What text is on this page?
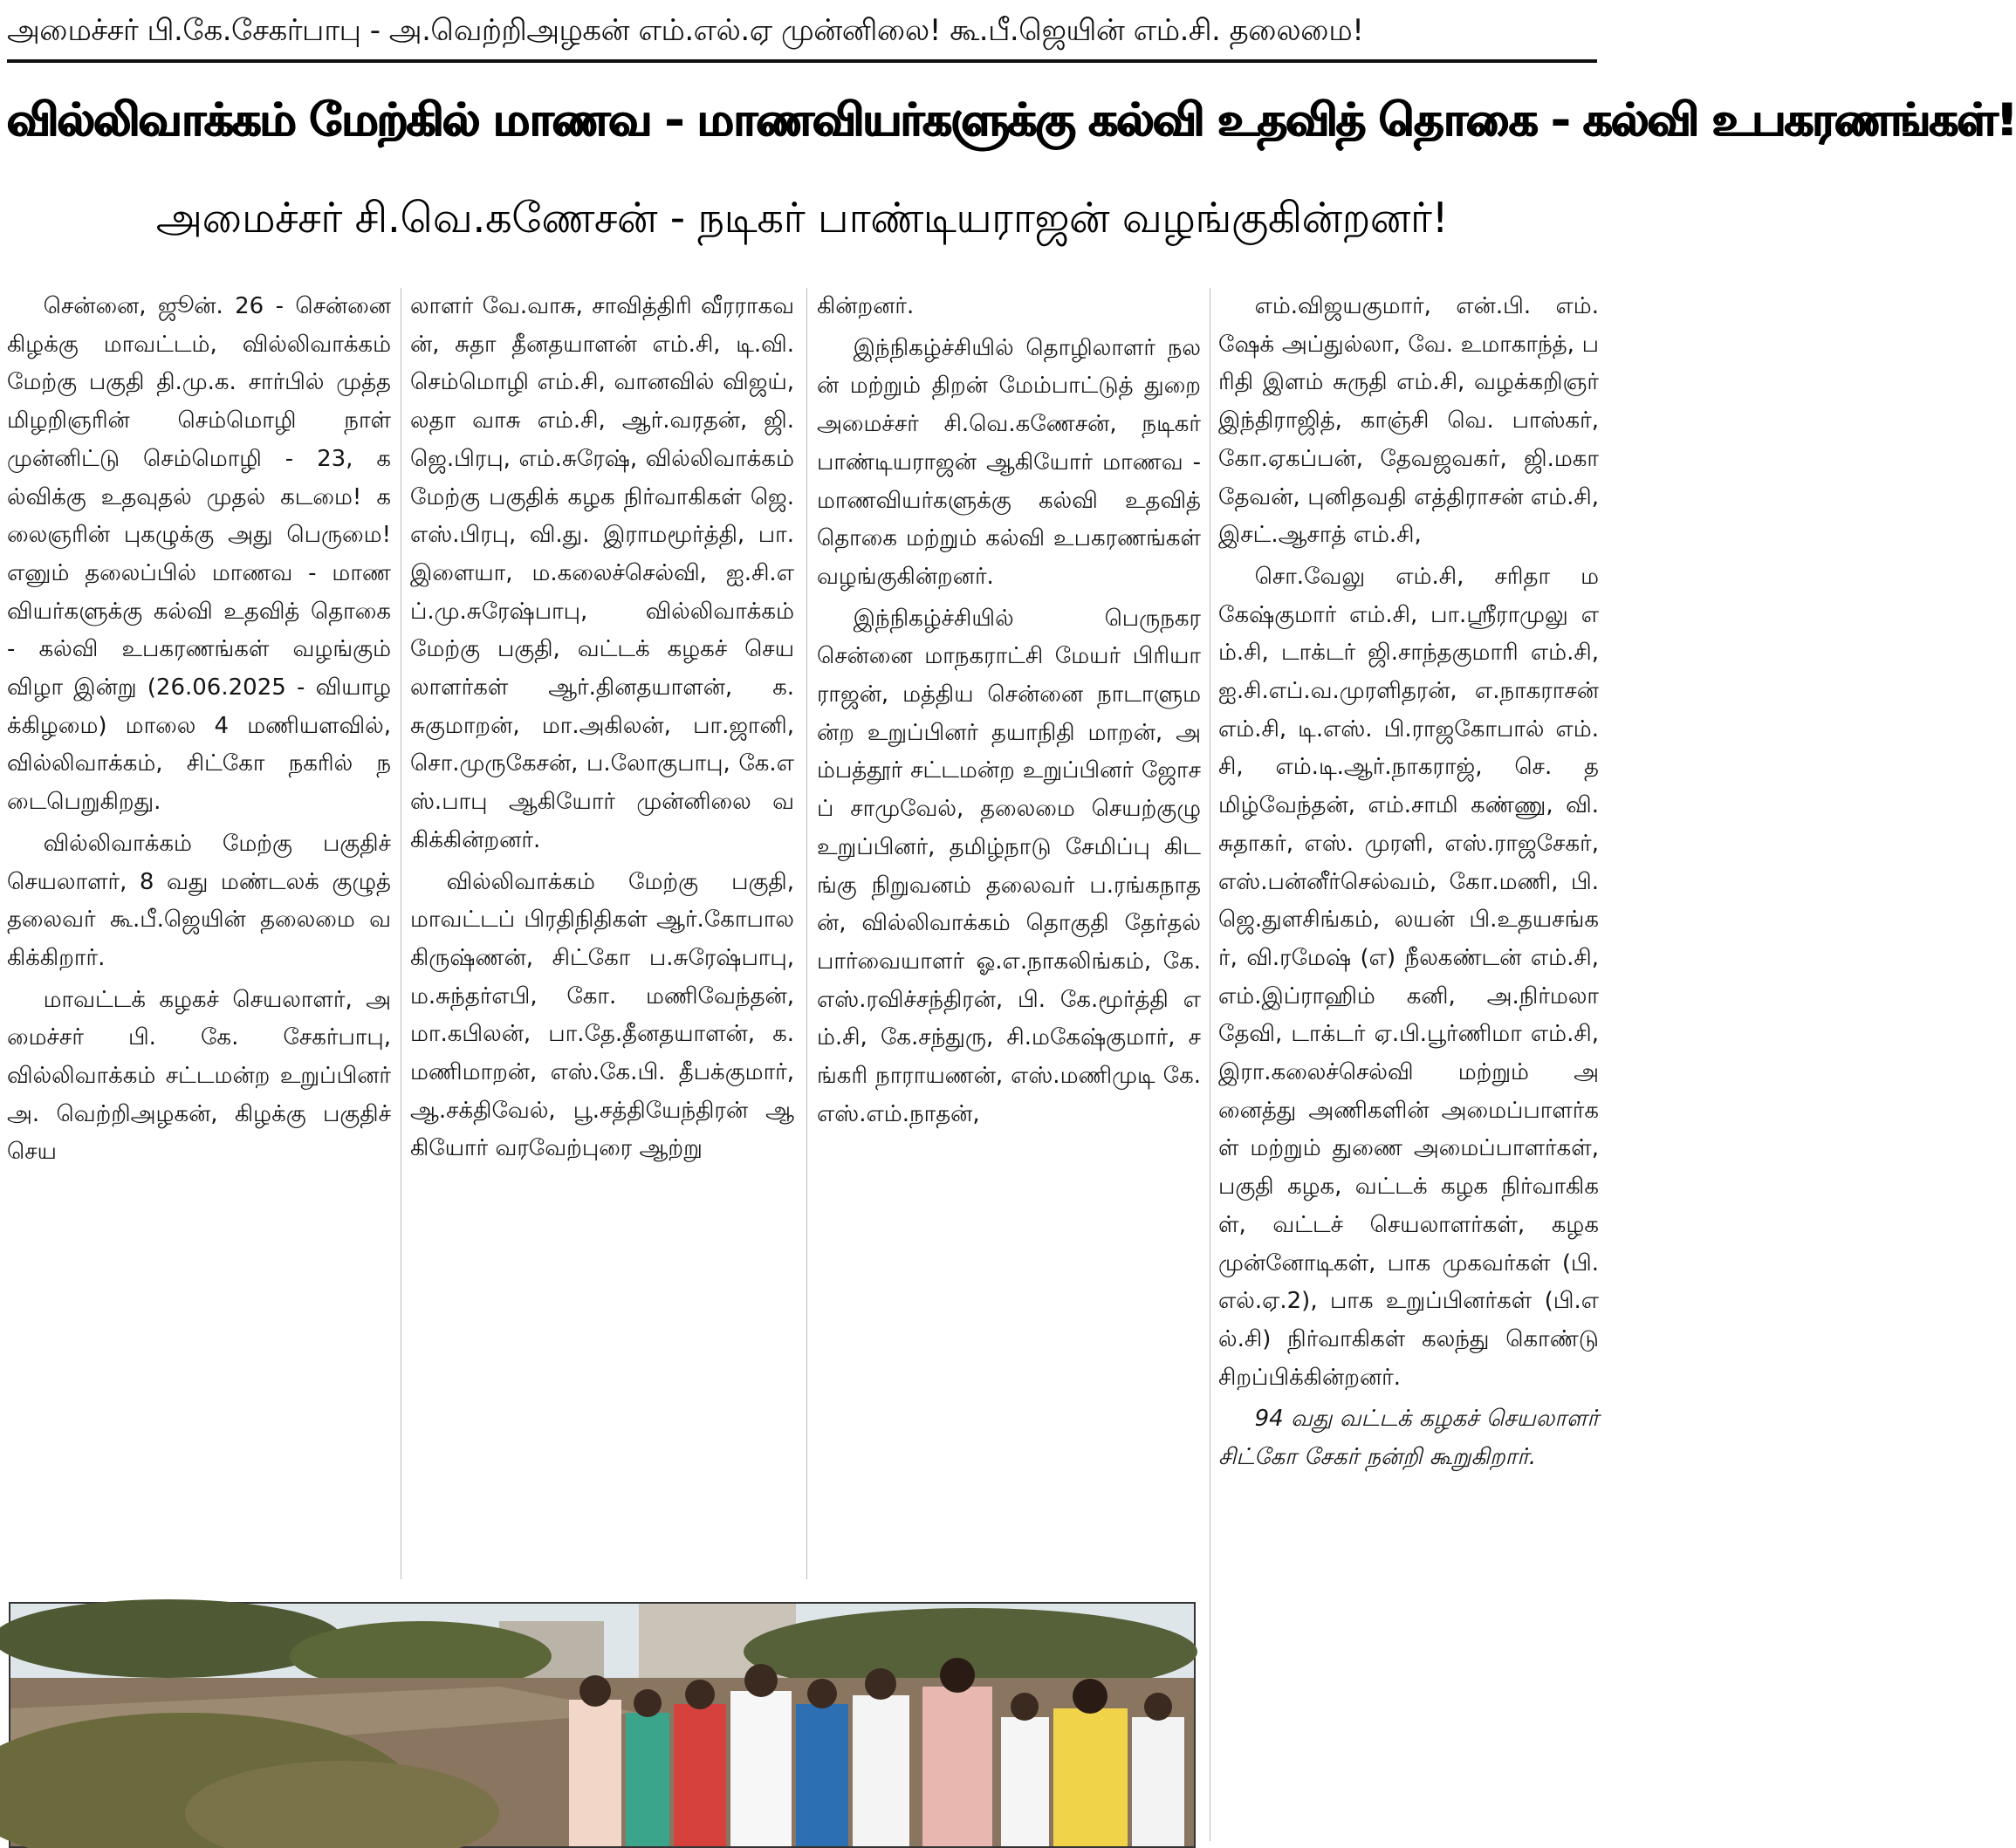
அமைச்சர் பி.கே.சேகர்பாபு - அ.வெற்றிஅழகன் எம்.எல்.ஏ முன்னிலை! கூ.பீ.ஜெயின் எம்.சி. தலைமை!
வில்லிவாக்கம் மேற்கில் மாணவ - மாணவியர்களுக்கு கல்வி உதவித் தொகை - கல்வி உபகரணங்கள்!
அமைச்சர் சி.வெ.கணேசன் - நடிகர் பாண்டியராஜன் வழங்குகின்றனர்!

சென்னை, ஜூன். 26 - சென்னை கிழக்கு மாவட்டம், வில்லிவாக்கம் மேற்கு பகுதி தி.மு.க. சார்பில் முத்தமிழறிஞரின் செம்மொழி நாள் முன்னிட்டு செம்மொழி - 23, கல்விக்கு உதவுதல் முதல் கடமை! கலைஞரின் புகழுக்கு அது பெருமை! எனும் தலைப்பில் மாணவ - மாணவியர்களுக்கு கல்வி உதவித் தொகை - கல்வி உபகரணங்கள் வழங்கும் விழா இன்று (26.06.2025 - வியாழக்கிழமை) மாலை 4 மணியளவில், வில்லிவாக்கம், சிட்கோ நகரில் நடைபெறுகிறது.

வில்லிவாக்கம் மேற்கு பகுதிச் செயலாளர், 8 வது மண்டலக் குழுத் தலைவர் கூ.பீ.ஜெயின் தலைமை வகிக்கிறார்.

மாவட்டக் கழகச் செயலாளர், அமைச்சர் பி. கே. சேகர்பாபு, வில்லிவாக்கம் சட்டமன்ற உறுப்பினர் அ. வெற்றிஅழகன், கிழக்கு பகுதிச் செய

லாளர் வே.வாசு, சாவித்திரி வீரராகவன், சுதா தீனதயாளன் எம்.சி, டி.வி.செம்மொழி எம்.சி, வானவில் விஜய், லதா வாசு எம்.சி, ஆர்.வரதன், ஜி.ஜெ.பிரபு, எம்.சுரேஷ், வில்லிவாக்கம் மேற்கு பகுதிக் கழக நிர்வாகிகள் ஜெ.எஸ்.பிரபு, வி.து. இராமமூர்த்தி, பா.இளையா, ம.கலைச்செல்வி, ஐ.சி.எப்.மு.சுரேஷ்பாபு, வில்லிவாக்கம் மேற்கு பகுதி, வட்டக் கழகச் செயலாளர்கள் ஆர்.தினதயாளன், க.சுகுமாறன், மா.அகிலன், பா.ஜானி, சொ.முருகேசன், ப.லோகுபாபு, கே.எஸ்.பாபு ஆகியோர் முன்னிலை வகிக்கின்றனர்.

வில்லிவாக்கம் மேற்கு பகுதி, மாவட்டப் பிரதிநிதிகள் ஆர்.கோபாலகிருஷ்ணன், சிட்கோ ப.சுரேஷ்பாபு, ம.சுந்தர்எபி, கோ. மணிவேந்தன், மா.கபிலன், பா.தே.தீனதயாளன், க. மணிமாறன், எஸ்.கே.பி. தீபக்குமார், ஆ.சக்திவேல், பூ.சத்தியேந்திரன் ஆகியோர் வரவேற்புரை ஆற்று

கின்றனர்.

இந்நிகழ்ச்சியில் தொழிலாளர் நலன் மற்றும் திறன் மேம்பாட்டுத் துறை அமைச்சர் சி.வெ.கணேசன், நடிகர் பாண்டியராஜன் ஆகியோர் மாணவ - மாணவியர்களுக்கு கல்வி உதவித் தொகை மற்றும் கல்வி உபகரணங்கள் வழங்குகின்றனர்.

இந்நிகழ்ச்சியில் பெருநகர சென்னை மாநகராட்சி மேயர் பிரியா ராஜன், மத்திய சென்னை நாடாளுமன்ற உறுப்பினர் தயாநிதி மாறன், அம்பத்தூர் சட்டமன்ற உறுப்பினர் ஜோசப் சாமுவேல், தலைமை செயற்குழு உறுப்பினர், தமிழ்நாடு சேமிப்பு கிடங்கு நிறுவனம் தலைவர் ப.ரங்கநாதன், வில்லிவாக்கம் தொகுதி தேர்தல் பார்வையாளர் ஓ.எ.நாகலிங்கம், கே.எஸ்.ரவிச்சந்திரன், பி. கே.மூர்த்தி எம்.சி, கே.சந்துரு, சி.மகேஷ்குமார், சங்கரி நாராயணன், எஸ்.மணிமுடி கே.எஸ்.எம்.நாதன்,

எம்.விஜயகுமார், என்.பி. எம்.ஷேக் அப்துல்லா, வே. உமாகாந்த், பரிதி இளம் சுருதி எம்.சி, வழக்கறிஞர் இந்திராஜித், காஞ்சி வெ. பாஸ்கர், கோ.ஏகப்பன், தேவஜவகர், ஜி.மகா தேவன், புனிதவதி எத்திராசன் எம்.சி, இசட்.ஆசாத் எம்.சி,

சொ.வேலு எம்.சி, சரிதா மகேஷ்குமார் எம்.சி, பா.ஸ்ரீராமுலு எம்.சி, டாக்டர் ஜி.சாந்தகுமாரி எம்.சி, ஐ.சி.எப்.வ.முரளிதரன், எ.நாகராசன் எம்.சி, டி.எஸ். பி.ராஜகோபால் எம்.சி, எம்.டி.ஆர்.நாகராஜ், செ. தமிழ்வேந்தன், எம்.சாமி கண்ணு, வி.சுதாகர், எஸ். முரளி, எஸ்.ராஜசேகர், எஸ்.பன்னீர்செல்வம், கோ.மணி, பி.ஜெ.துளசிங்கம், லயன் பி.உதயசங்கர், வி.ரமேஷ் (எ) நீலகண்டன் எம்.சி, எம்.இப்ராஹிம் கனி, அ.நிர்மலா தேவி, டாக்டர் ஏ.பி.பூர்ணிமா எம்.சி, இரா.கலைச்செல்வி மற்றும் அனைத்து அணிகளின் அமைப்பாளர்கள் மற்றும் துணை அமைப்பாளர்கள், பகுதி கழக, வட்டக் கழக நிர்வாகிகள், வட்டச் செயலாளர்கள், கழக முன்னோடிகள், பாக முகவர்கள் (பி.எல்.ஏ.2), பாக உறுப்பினர்கள் (பி.எல்.சி) நிர்வாகிகள் கலந்து கொண்டு சிறப்பிக்கின்றனர்.

94 வது வட்டக் கழகச் செயலாளர் சிட்கோ சேகர் நன்றி கூறுகிறார்.
